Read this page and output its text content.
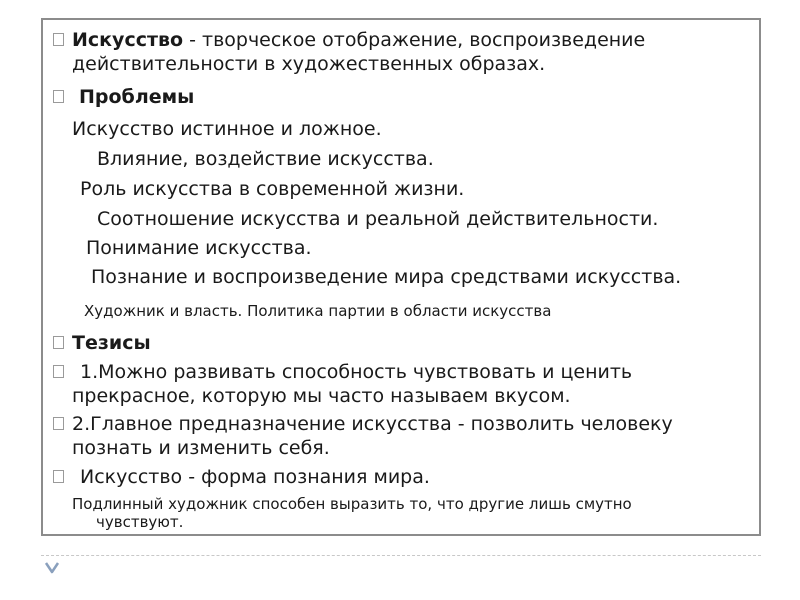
Искусство - творческое отображение, воспроизведение
действительности в художественных образах.
Проблемы
Искусство истинное и ложное.
Влияние, воздействие искусства.
Роль искусства в современной жизни.
Соотношение искусства и реальной действительности.
Понимание искусства.
Познание и воспроизведение мира средствами искусства.
Художник и власть. Политика партии в области искусства
Тезисы
1.Можно развивать способность чувствовать и ценить
прекрасное, которую мы часто называем вкусом.
2.Главное предназначение искусства - позволить человеку
познать и изменить себя.
Искусство - форма познания мира.
Подлинный художник способен выразить то, что другие лишь смутно
чувствуют.
